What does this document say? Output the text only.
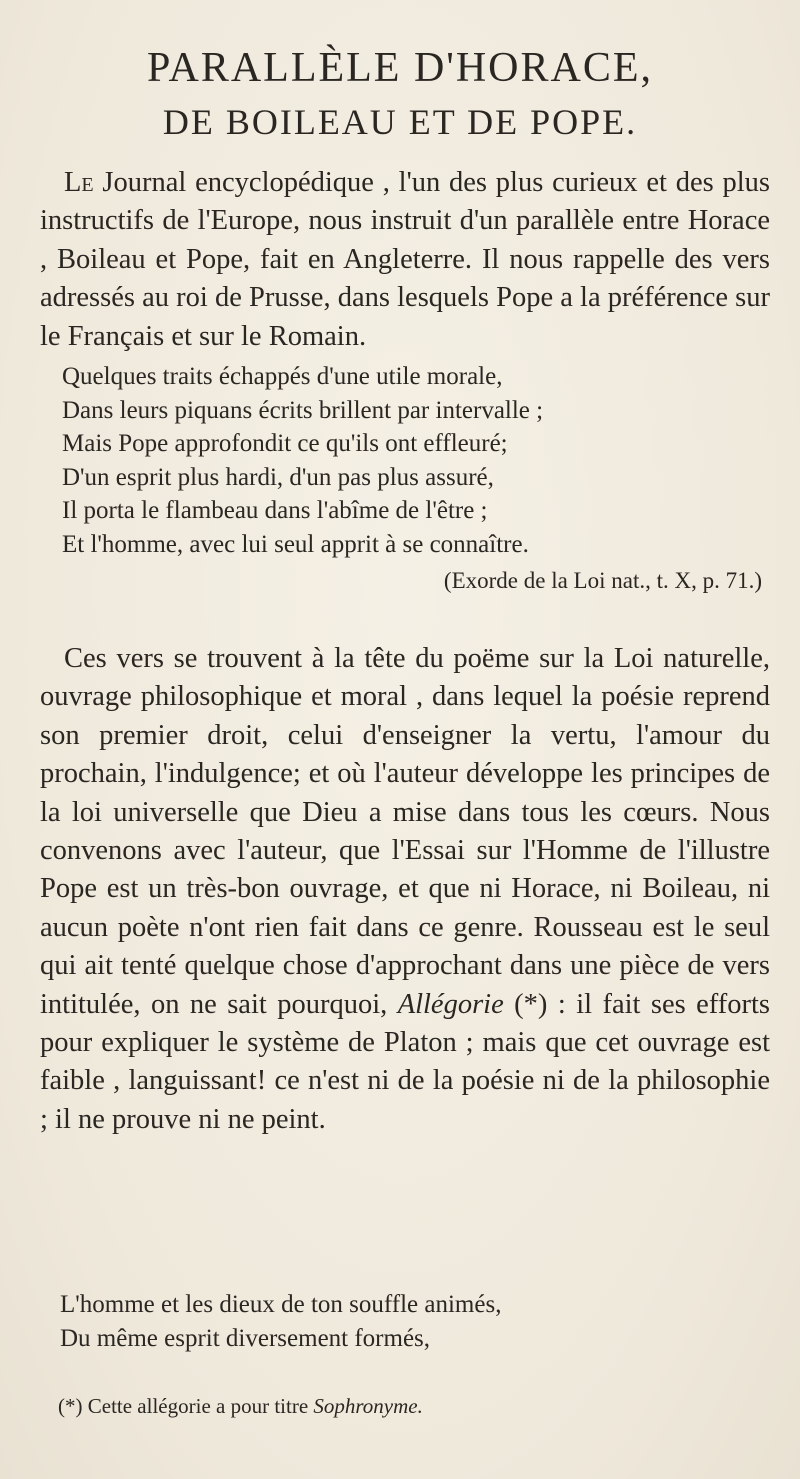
PARALLÈLE D'HORACE,
DE BOILEAU ET DE POPE.

Le Journal encyclopédique , l'un des plus curieux et des plus instructifs de l'Europe, nous instruit d'un parallèle entre Horace , Boileau et Pope, fait en Angleterre. Il nous rappelle des vers adressés au roi de Prusse, dans lesquels Pope a la préférence sur le Français et sur le Romain.

Quelques traits échappés d'une utile morale,
Dans leurs piquans écrits brillent par intervalle ;
Mais Pope approfondit ce qu'ils ont effleuré;
D'un esprit plus hardi, d'un pas plus assuré,
Il porta le flambeau dans l'abîme de l'être ;
Et l'homme, avec lui seul apprit à se connaître.
(Exorde de la Loi nat., t. X, p. 71.)

Ces vers se trouvent à la tête du poëme sur la Loi naturelle, ouvrage philosophique et moral , dans lequel la poésie reprend son premier droit, celui d'enseigner la vertu, l'amour du prochain, l'indulgence; et où l'auteur développe les principes de la loi universelle que Dieu a mise dans tous les cœurs. Nous convenons avec l'auteur, que l'Essai sur l'Homme de l'illustre Pope est un très-bon ouvrage, et que ni Horace, ni Boileau, ni aucun poète n'ont rien fait dans ce genre. Rousseau est le seul qui ait tenté quelque chose d'approchant dans une pièce de vers intitulée, on ne sait pourquoi, Allégorie (*) : il fait ses efforts pour expliquer le système de Platon ; mais que cet ouvrage est faible , languissant! ce n'est ni de la poésie ni de la philosophie ; il ne prouve ni ne peint.

L'homme et les dieux de ton souffle animés,
Du même esprit diversement formés,
(*) Cette allégorie a pour titre Sophronyme.
